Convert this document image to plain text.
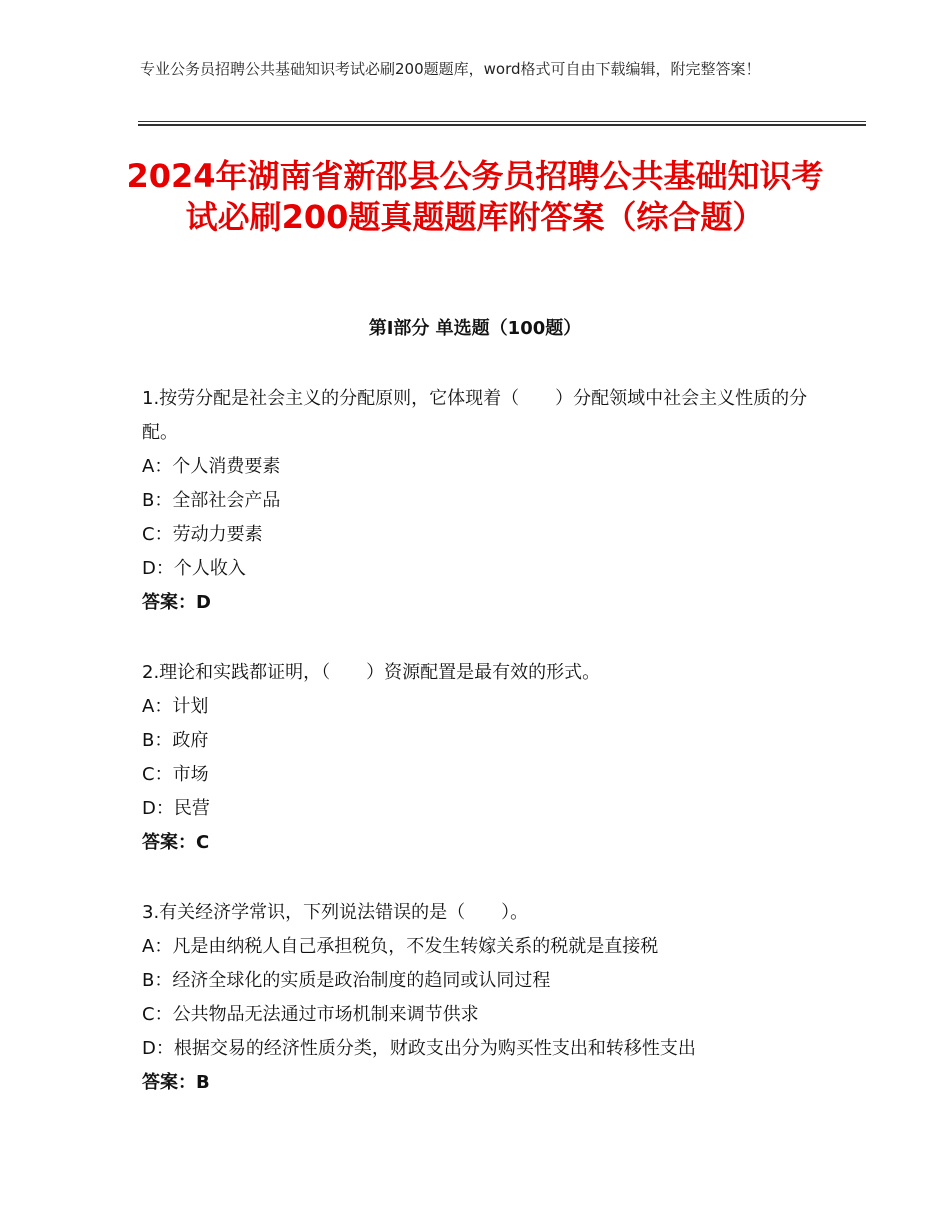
专业公务员招聘公共基础知识考试必刷200题题库，word格式可自由下载编辑，附完整答案！
2024年湖南省新邵县公务员招聘公共基础知识考试必刷200题真题题库附答案（综合题）
第Ⅰ部分 单选题（100题）
1.按劳分配是社会主义的分配原则，它体现着（　　）分配领域中社会主义性质的分配。
A：个人消费要素
B：全部社会产品
C：劳动力要素
D：个人收入
答案：D
2.理论和实践都证明，（　　）资源配置是最有效的形式。
A：计划
B：政府
C：市场
D：民营
答案：C
3.有关经济学常识，下列说法错误的是（　　）。
A：凡是由纳税人自己承担税负，不发生转嫁关系的税就是直接税
B：经济全球化的实质是政治制度的趋同或认同过程
C：公共物品无法通过市场机制来调节供求
D：根据交易的经济性质分类，财政支出分为购买性支出和转移性支出
答案：B
